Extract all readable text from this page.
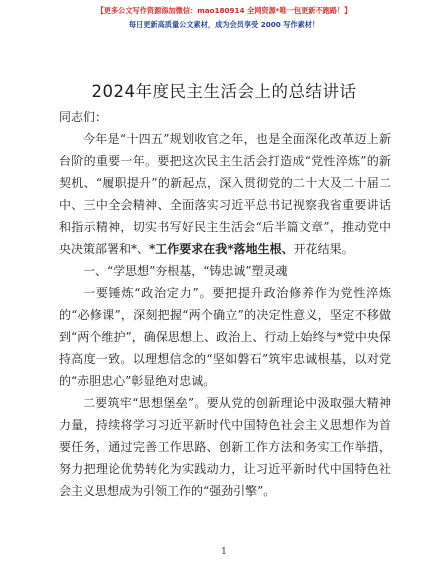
【更多公文写作资源添加微信：mao180914 全网资源*唯一包更新不跑路！】
每日更新高质量公文素材，成为会员享受 2000 写作素材！
2024年度民主生活会上的总结讲话

同志们：

今年是“十四五”规划收官之年，也是全面深化改革迈上新台阶的重要一年。要把这次民主生活会打造成“党性淬炼”的新契机、“履职提升”的新起点，深入贯彻党的二十大及二十届二中、三中全会精神、全面落实习近平总书记视察我省重要讲话和指示精神，切实书写好民主生活会“后半篇文章”，推动党中央决策部署和*、*工作要求在我*落地生根、开花结果。

一、“学思想”夯根基，“铸忠诚”塑灵魂

一要锤炼“政治定力”。要把提升政治修养作为党性淬炼的“必修课”，深刻把握“两个确立”的决定性意义，坚定不移做到“两个维护”，确保思想上、政治上、行动上始终与*党中央保持高度一致。以理想信念的“坚如磐石”筑牢忠诚根基，以对党的“赤胆忠心”彰显绝对忠诚。

二要筑牢“思想堡垒”。要从党的创新理论中汲取强大精神力量，持续将学习习近平新时代中国特色社会主义思想作为首要任务，通过完善工作思路、创新工作方法和务实工作举措，努力把理论优势转化为实践动力，让习近平新时代中国特色社会主义思想成为引领工作的“强劲引擎”。

1
